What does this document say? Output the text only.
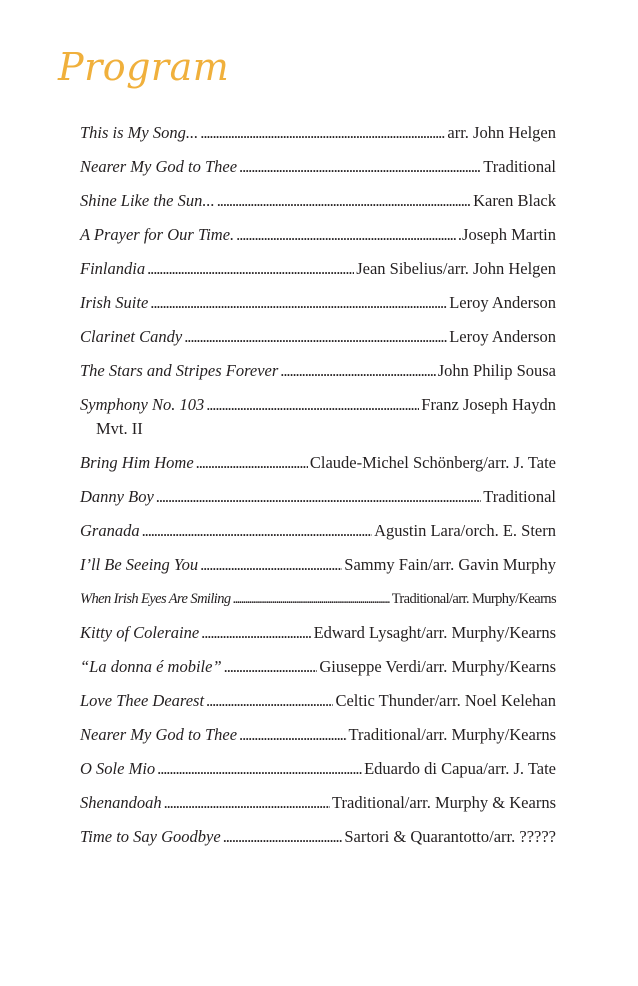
Program
This is My Song... . . .	arr. John Helgen
Nearer My God to Thee . . .	Traditional
Shine Like the Sun... . . .	Karen Black
A Prayer for Our Time. . . .	.Joseph Martin
Finlandia . . .	Jean Sibelius/arr. John Helgen
Irish Suite . . .	Leroy Anderson
Clarinet Candy . . .	Leroy Anderson
The Stars and Stripes Forever . . .	John Philip Sousa
Symphony No. 103 . . .	Franz Joseph Haydn
Mvt. II
Bring Him Home . . .	Claude-Michel Schönberg/arr. J. Tate
Danny Boy . . .	Traditional
Granada . . .	Agustin Lara/orch. E. Stern
I’ll Be Seeing You . . .	Sammy Fain/arr. Gavin Murphy
When Irish Eyes Are Smiling . . .	Traditional/arr. Murphy/Kearns
Kitty of Coleraine . . .	Edward Lysaght/arr. Murphy/Kearns
“La donna é mobile” . . .	Giuseppe Verdi/arr. Murphy/Kearns
Love Thee Dearest . . .	Celtic Thunder/arr. Noel Kelehan
Nearer My God to Thee . . .	Traditional/arr. Murphy/Kearns
O Sole Mio . . .	Eduardo di Capua/arr. J. Tate
Shenandoah . . .	Traditional/arr. Murphy & Kearns
Time to Say Goodbye . . .	Sartori & Quarantotto/arr. ?????
